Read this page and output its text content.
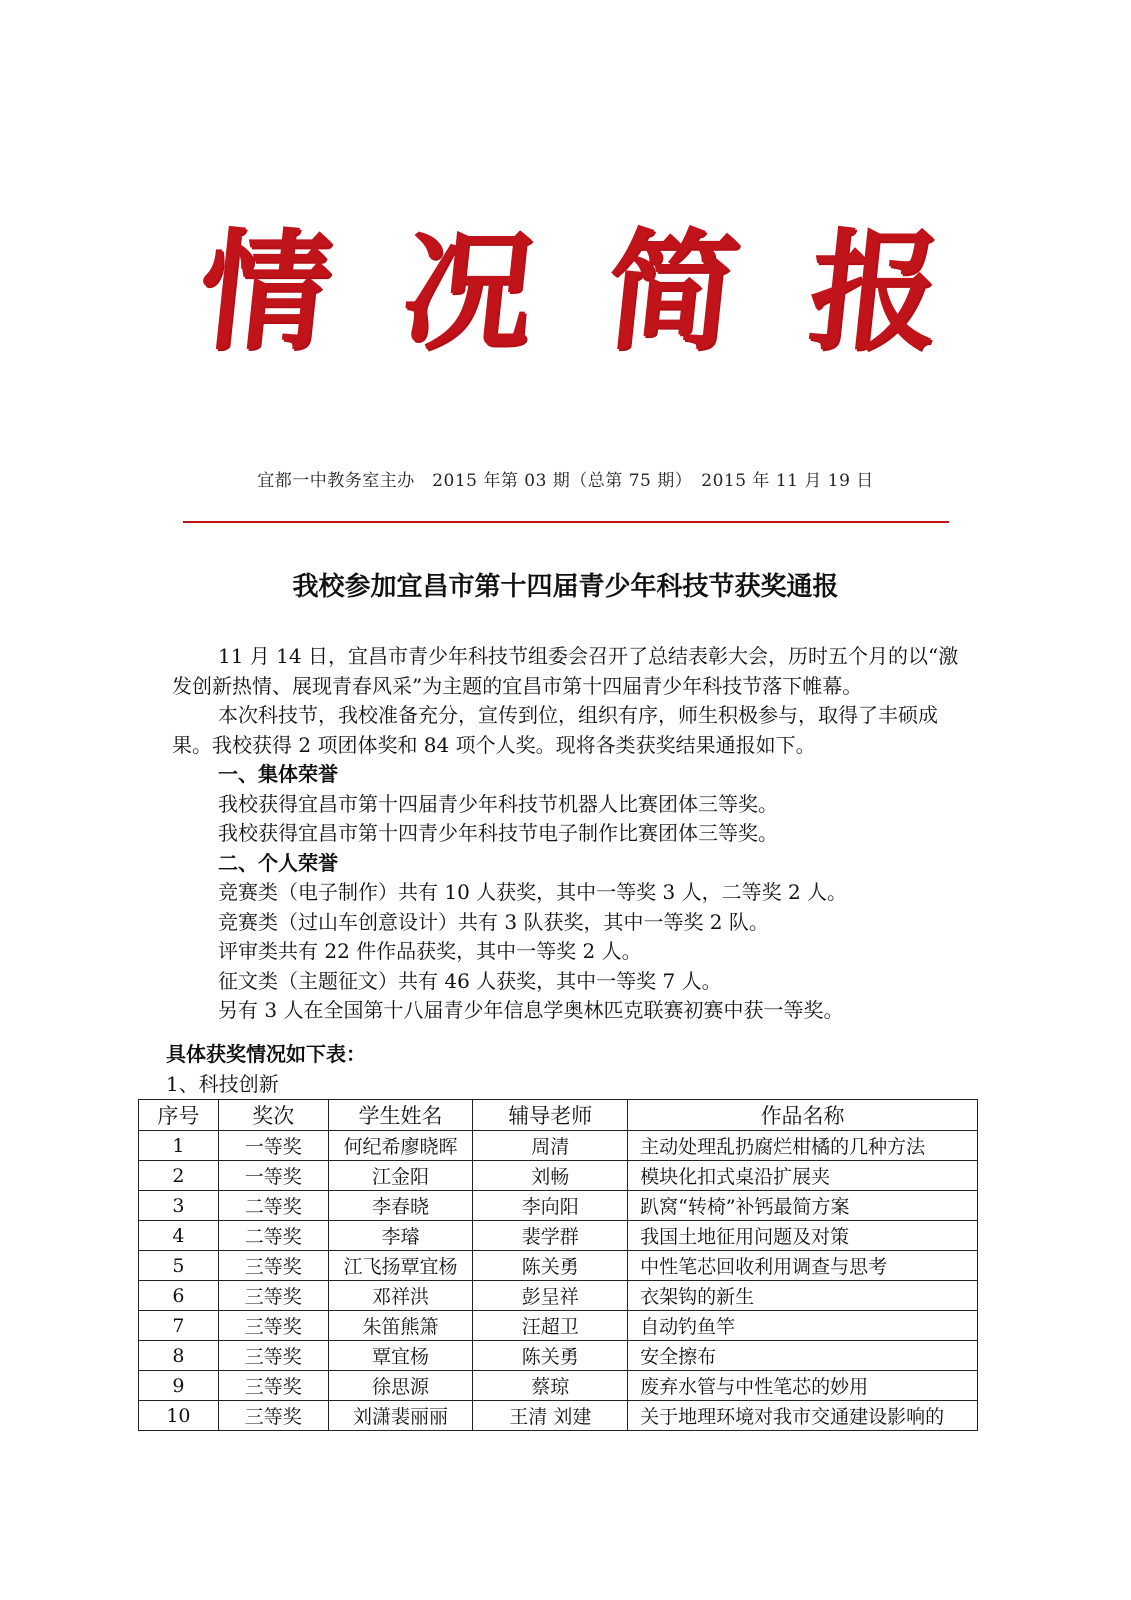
情 况 简 报
宜都一中教务室主办　2015 年第 03 期（总第 75 期）　2015 年 11 月 19 日
我校参加宜昌市第十四届青少年科技节获奖通报

11 月 14 日，宜昌市青少年科技节组委会召开了总结表彰大会，历时五个月的以“激发创新热情、展现青春风采”为主题的宜昌市第十四届青少年科技节落下帷幕。

本次科技节，我校准备充分，宣传到位，组织有序，师生积极参与，取得了丰硕成果。我校获得 2 项团体奖和 84 项个人奖。现将各类获奖结果通报如下。

一、集体荣誉

我校获得宜昌市第十四届青少年科技节机器人比赛团体三等奖。

我校获得宜昌市第十四青少年科技节电子制作比赛团体三等奖。

二、个人荣誉

竞赛类（电子制作）共有 10 人获奖，其中一等奖 3 人，二等奖 2 人。

竞赛类（过山车创意设计）共有 3 队获奖，其中一等奖 2 队。

评审类共有 22 件作品获奖，其中一等奖 2 人。

征文类（主题征文）共有 46 人获奖，其中一等奖 7 人。

另有 3 人在全国第十八届青少年信息学奥林匹克联赛初赛中获一等奖。

具体获奖情况如下表：
1、科技创新
序号	奖次	学生姓名	辅导老师	作品名称
1	一等奖	何纪希廖晓晖	周清	主动处理乱扔腐烂柑橘的几种方法
2	一等奖	江金阳	刘畅	模块化扣式桌沿扩展夹
3	二等奖	李春晓	李向阳	趴窝“转椅”补钙最简方案
4	二等奖	李璿	裴学群	我国土地征用问题及对策
5	三等奖	江飞扬覃宜杨	陈关勇	中性笔芯回收利用调查与思考
6	三等奖	邓祥洪	彭呈祥	衣架钩的新生
7	三等奖	朱笛熊箫	汪超卫	自动钓鱼竿
8	三等奖	覃宜杨	陈关勇	安全擦布
9	三等奖	徐思源	蔡琼	废弃水管与中性笔芯的妙用
10	三等奖	刘潇裴丽丽	王清 刘建	关于地理环境对我市交通建设影响的
